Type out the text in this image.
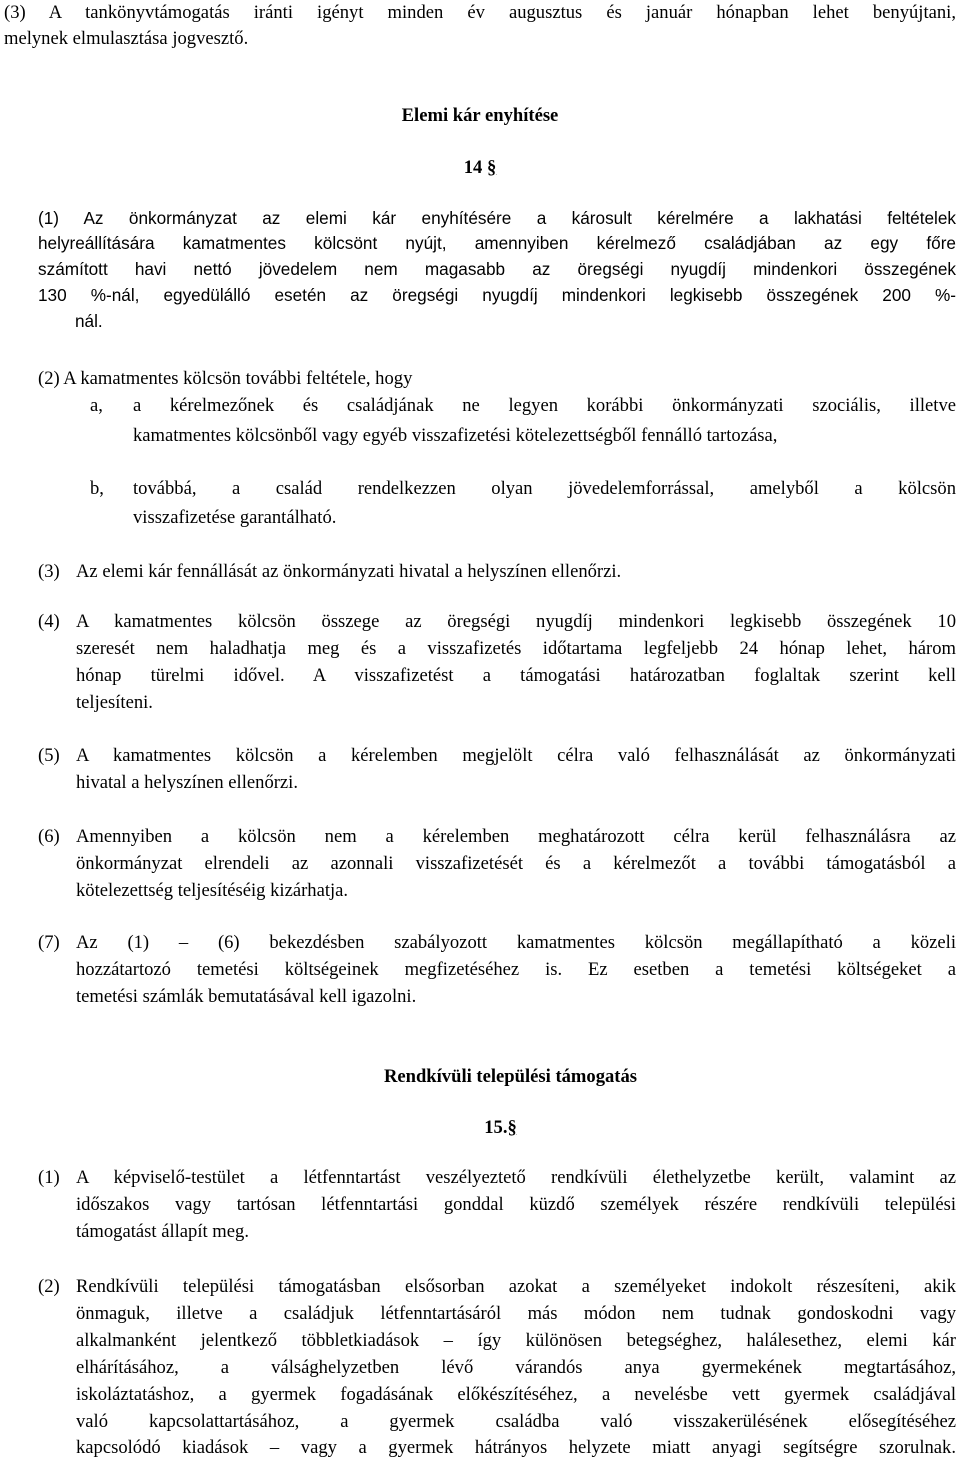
(3) A tankönyvtámogatás iránti igényt minden év augusztus és január hónapban lehet benyújtani,
melynek elmulasztása jogvesztő.
Elemi kár enyhítése
14 §
(1) Az önkormányzat az elemi kár enyhítésére a károsult kérelmére a lakhatási feltételek
helyreállítására kamatmentes kölcsönt nyújt, amennyiben kérelmező családjában az egy főre
számított havi nettó jövedelem nem magasabb az öregségi nyugdíj mindenkori összegének
130 %-nál, egyedülálló esetén az öregségi nyugdíj mindenkori legkisebb összegének 200 %-
nál.
(2) A kamatmentes kölcsön további feltétele, hogy
a, a kérelmezőnek és családjának ne legyen korábbi önkormányzati szociális, illetve
kamatmentes kölcsönből vagy egyéb visszafizetési kötelezettségből fennálló tartozása,
b, továbbá, a család rendelkezzen olyan jövedelemforrással, amelyből a kölcsön
visszafizetése garantálható.
(3) Az elemi kár fennállását az önkormányzati hivatal a helyszínen ellenőrzi.
(4) A kamatmentes kölcsön összege az öregségi nyugdíj mindenkori legkisebb összegének 10
szeresét nem haladhatja meg és a visszafizetés időtartama legfeljebb 24 hónap lehet, három
hónap türelmi idővel. A visszafizetést a támogatási határozatban foglaltak szerint kell
teljesíteni.
(5) A kamatmentes kölcsön a kérelemben megjelölt célra való felhasználását az önkormányzati
hivatal a helyszínen ellenőrzi.
(6) Amennyiben a kölcsön nem a kérelemben meghatározott célra kerül felhasználásra az
önkormányzat elrendeli az azonnali visszafizetését és a kérelmezőt a további támogatásból a
kötelezettség teljesítéséig kizárhatja.
(7) Az (1) – (6) bekezdésben szabályozott kamatmentes kölcsön megállapítható a közeli
hozzátartozó temetési költségeinek megfizetéséhez is. Ez esetben a temetési költségeket a
temetési számlák bemutatásával kell igazolni.
Rendkívüli települési támogatás
15.§
(1) A képviselő-testület a létfenntartást veszélyeztető rendkívüli élethelyzetbe került, valamint az
időszakos vagy tartósan létfenntartási gonddal küzdő személyek részére rendkívüli települési
támogatást állapít meg.
(2) Rendkívüli települési támogatásban elsősorban azokat a személyeket indokolt részesíteni, akik
önmaguk, illetve a családjuk létfenntartásáról más módon nem tudnak gondoskodni vagy
alkalmanként jelentkező többletkiadások – így különösen betegséghez, halálesethez, elemi kár
elhárításához, a válsághelyzetben lévő várandós anya gyermekének megtartásához,
iskoláztatáshoz, a gyermek fogadásának előkészítéséhez, a nevelésbe vett gyermek családjával
való kapcsolattartásához, a gyermek családba való visszakerülésének elősegítéséhez
kapcsolódó kiadások – vagy a gyermek hátrányos helyzete miatt anyagi segítségre szorulnak.
